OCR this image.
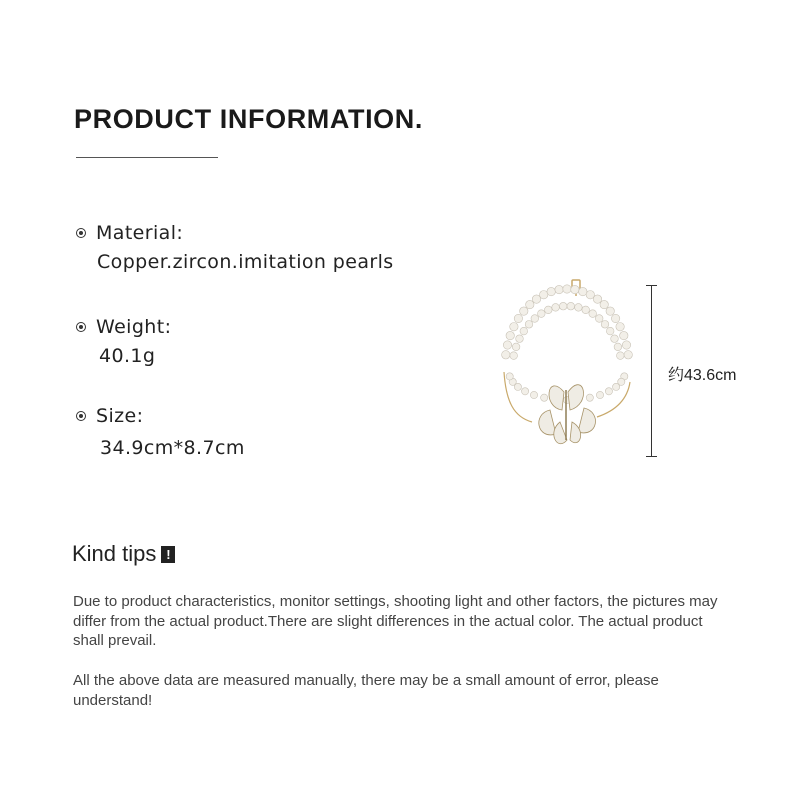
PRODUCT INFORMATION.
Material:
Copper.zircon.imitation pearls
Weight:
40.1g
Size:
34.9cm*8.7cm
约43.6cm
Kind tips !
Due to product characteristics, monitor settings, shooting light and other factors, the pictures may differ from the actual product.There are slight differences in the actual color. The actual product shall prevail.
All the above data are measured manually, there may be a small amount of error, please understand!
